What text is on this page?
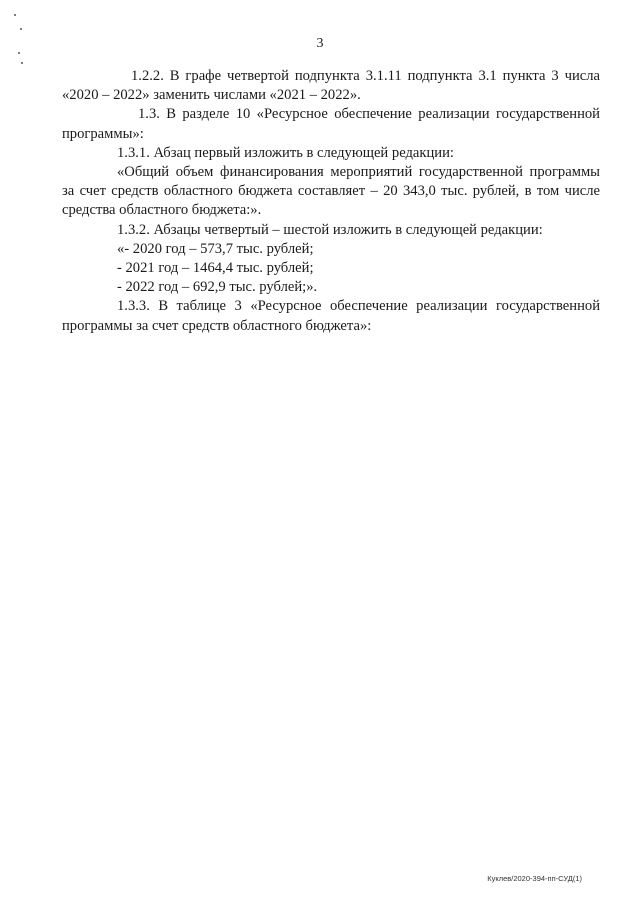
3

1.2.2. В графе четвертой подпункта 3.1.11 подпункта 3.1 пункта 3 числа «2020 – 2022» заменить числами «2021 – 2022».

1.3. В разделе 10 «Ресурсное обеспечение реализации государственной программы»:

1.3.1. Абзац первый изложить в следующей редакции:

«Общий объем финансирования мероприятий государственной программы за счет средств областного бюджета составляет – 20 343,0 тыс. рублей, в том числе средства областного бюджета:».

1.3.2. Абзацы четвертый – шестой изложить в следующей редакции:

«- 2020 год – 573,7 тыс. рублей;

- 2021 год – 1464,4 тыс. рублей;

- 2022 год – 692,9 тыс. рублей;».

1.3.3. В таблице 3 «Ресурсное обеспечение реализации государственной программы за счет средств областного бюджета»:

Куклев/2020-394-пп-СУД(1)
